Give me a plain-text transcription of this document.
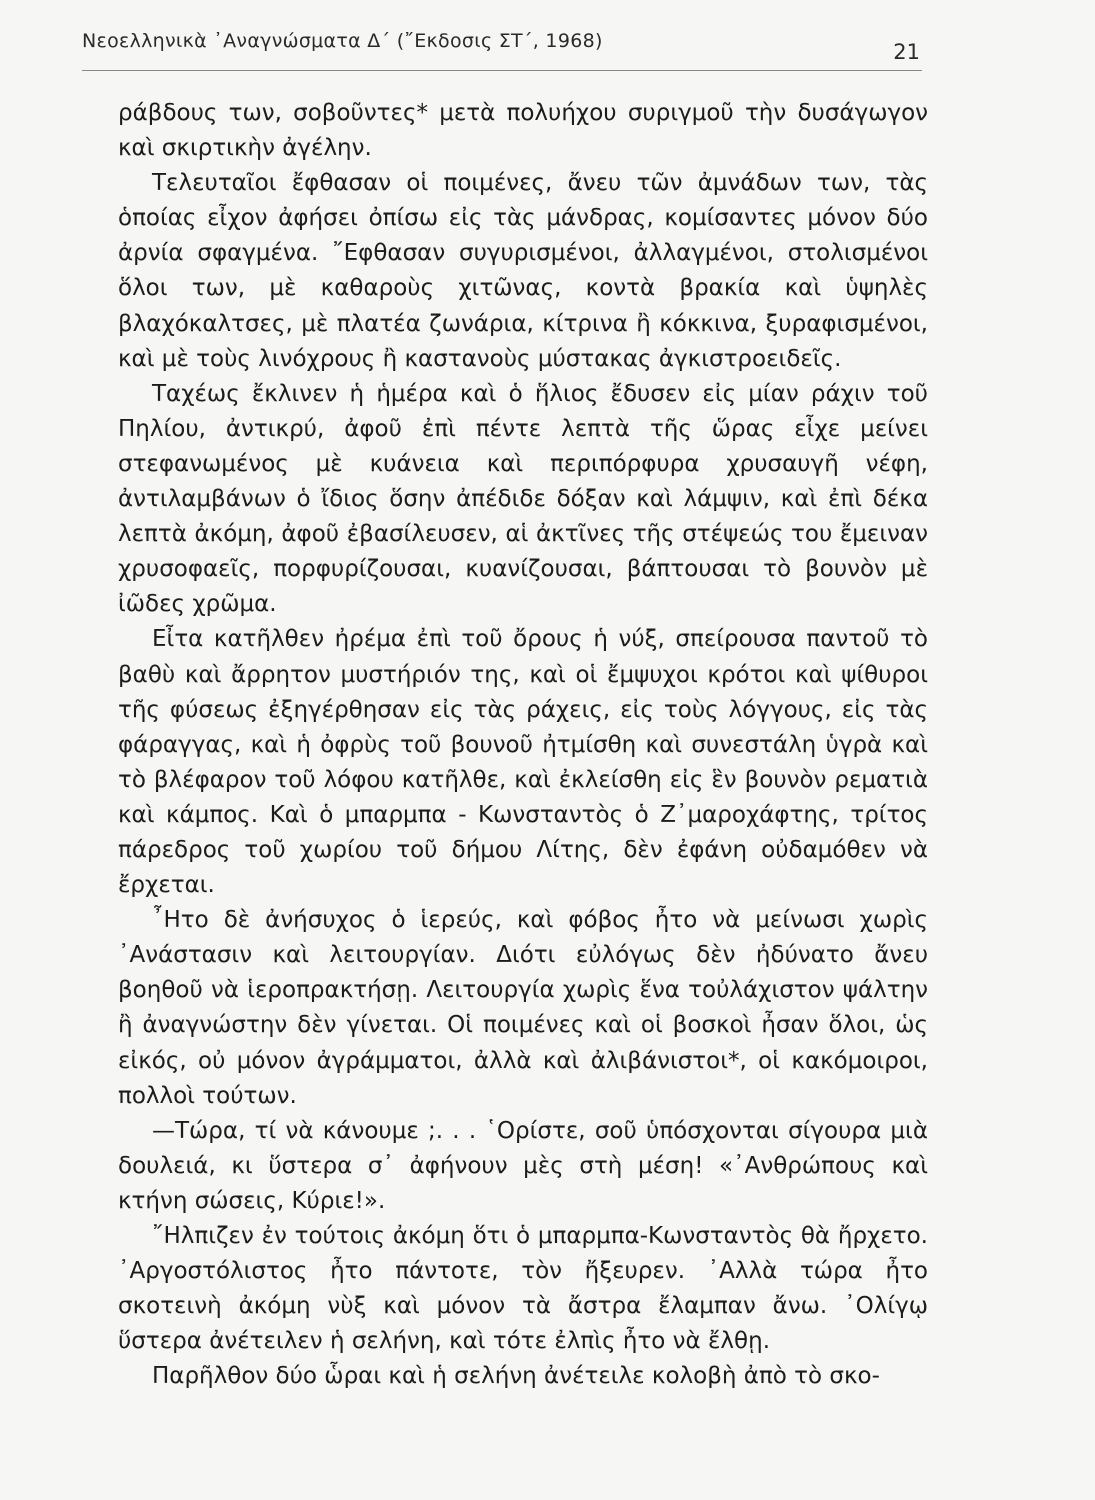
Νεοελληνικὰ ᾿Αναγνώσματα Δ΄ (῎Εκδοσις ΣΤ΄, 1968)	21

ράβδους των, σοβοῦντες* μετὰ πολυήχου συριγμοῦ τὴν δυσάγωγον καὶ σκιρτικὴν ἀγέλην.

Τελευταῖοι ἔφθασαν οἱ ποιμένες, ἄνευ τῶν ἀμνάδων των, τὰς ὁποίας εἶχον ἀφήσει ὀπίσω εἰς τὰς μάνδρας, κομίσαντες μόνον δύο ἀρνία σφαγμένα. ῎Εφθασαν συγυρισμένοι, ἀλλαγμένοι, στολισμένοι ὅλοι των, μὲ καθαροὺς χιτῶνας, κοντὰ βρακία καὶ ὑψηλὲς βλαχόκαλτσες, μὲ πλατέα ζωνάρια, κίτρινα ἢ κόκκινα, ξυραφισμένοι, καὶ μὲ τοὺς λινόχρους ἢ καστανοὺς μύστακας ἀγκιστροειδεῖς.

Ταχέως ἔκλινεν ἡ ἡμέρα καὶ ὁ ἥλιος ἔδυσεν εἰς μίαν ράχιν τοῦ Πηλίου, ἀντικρύ, ἀφοῦ ἐπὶ πέντε λεπτὰ τῆς ὥρας εἶχε μείνει στεφανωμένος μὲ κυάνεια καὶ περιπόρφυρα χρυσαυγῆ νέφη, ἀντιλαμβάνων ὁ ἴδιος ὅσην ἀπέδιδε δόξαν καὶ λάμψιν, καὶ ἐπὶ δέκα λεπτὰ ἀκόμη, ἀφοῦ ἐβασίλευσεν, αἱ ἀκτῖνες τῆς στέψεώς του ἔμειναν χρυσοφαεῖς, πορφυρίζουσαι, κυανίζουσαι, βάπτουσαι τὸ βουνὸν μὲ ἰῶδες χρῶμα.

Εἶτα κατῆλθεν ἠρέμα ἐπὶ τοῦ ὄρους ἡ νύξ, σπείρουσα παντοῦ τὸ βαθὺ καὶ ἄρρητον μυστήριόν της, καὶ οἱ ἔμψυχοι κρότοι καὶ ψίθυροι τῆς φύσεως ἐξηγέρθησαν εἰς τὰς ράχεις, εἰς τοὺς λόγγους, εἰς τὰς φάραγγας, καὶ ἡ ὀφρὺς τοῦ βουνοῦ ἠτμίσθη καὶ συνεστάλη ὑγρὰ καὶ τὸ βλέφαρον τοῦ λόφου κατῆλθε, καὶ ἐκλείσθη εἰς ἓν βουνὸν ρεματιὰ καὶ κάμπος. Καὶ ὁ μπαρμπα - Κωνσταντὸς ὁ Ζ᾿μαροχάφτης, τρίτος πάρεδρος τοῦ χωρίου τοῦ δήμου Λίτης, δὲν ἐφάνη οὐδαμόθεν νὰ ἔρχεται.

῏Ητο δὲ ἀνήσυχος ὁ ἱερεύς, καὶ φόβος ἦτο νὰ μείνωσι χωρὶς ᾿Ανάστασιν καὶ λειτουργίαν. Διότι εὐλόγως δὲν ἠδύνατο ἄνευ βοηθοῦ νὰ ἱεροπρακτήσῃ. Λειτουργία χωρὶς ἕνα τοὐλάχιστον ψάλτην ἢ ἀναγνώστην δὲν γίνεται. Οἱ ποιμένες καὶ οἱ βοσκοὶ ἦσαν ὅλοι, ὡς εἰκός, οὐ μόνον ἀγράμματοι, ἀλλὰ καὶ ἀλιβάνιστοι*, οἱ κακόμοιροι, πολλοὶ τούτων.

—Τώρα, τί νὰ κάνουμε ;. . . ῾Ορίστε, σοῦ ὑπόσχονται σίγουρα μιὰ δουλειά, κι ὕστερα σ᾿ ἀφήνουν μὲς στὴ μέση! «᾿Ανθρώπους καὶ κτήνη σώσεις, Κύριε!».

῎Ηλπιζεν ἐν τούτοις ἀκόμη ὅτι ὁ μπαρμπα-Κωνσταντὸς θὰ ἤρχετο. ᾿Αργοστόλιστος ἦτο πάντοτε, τὸν ἤξευρεν. ᾿Αλλὰ τώρα ἦτο σκοτεινὴ ἀκόμη νὺξ καὶ μόνον τὰ ἄστρα ἔλαμπαν ἄνω. ᾿Ολίγῳ ὕστερα ἀνέτειλεν ἡ σελήνη, καὶ τότε ἐλπὶς ἦτο νὰ ἔλθῃ.

Παρῆλθον δύο ὧραι καὶ ἡ σελήνη ἀνέτειλε κολοβὴ ἀπὸ τὸ σκο-
